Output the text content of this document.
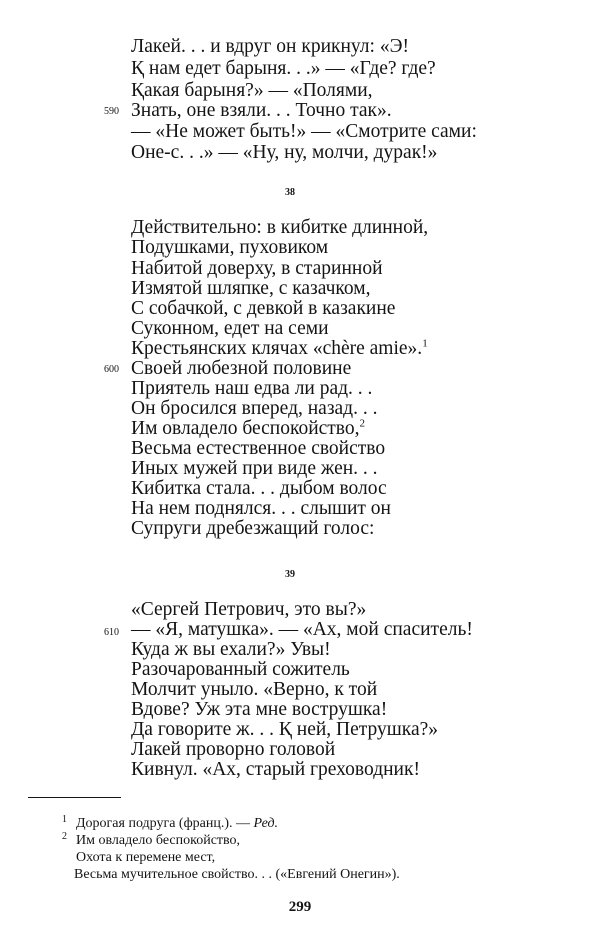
Лакей. . . и вдруг он крикнул: «Э!
Қ нам едет барыня. . .» — «Где? где?
Қакая барыня?» — «Полями,
590 Знать, оне взяли. . . Точно так».
— «Не может быть!» — «Смотрите сами:
Оне-с. . .» — «Ну, ну, молчи, дурак!»
38
Действительно: в кибитке длинной,
Подушками, пуховиком
Набитой доверху, в старинной
Измятой шляпке, с казачком,
С собачкой, с девкой в казакине
Суконном, едет на семи
Крестьянских клячах «chère amie».$^1$
600 Своей любезной половине
Приятель наш едва ли рад. . .
Он бросился вперед, назад. . .
Им овладело беспокойство,$^2$
Весьма естественное свойство
Иных мужей при виде жен. . .
Кибитка стала. . . дыбом волос
На нем поднялся. . . слышит он
Супруги дребезжащий голос:
39
«Сергей Петрович, это вы?»
610 — «Я, матушка». — «Ах, мой спаситель!
Куда ж вы ехали?» Увы!
Разочарованный сожитель
Молчит уныло. «Верно, к той
Вдове? Уж эта мне вострушка!
Да говорите ж. . . Қ ней, Петрушка?»
Лакей проворно головой
Кивнул. «Ах, старый греховодник!
1 Дорогая подруга (франц.). — Ред.
2 Им овладело беспокойство,
Охота к перемене мест,
Весьма мучительное свойство. . . («Евгений Онегин»).
299
